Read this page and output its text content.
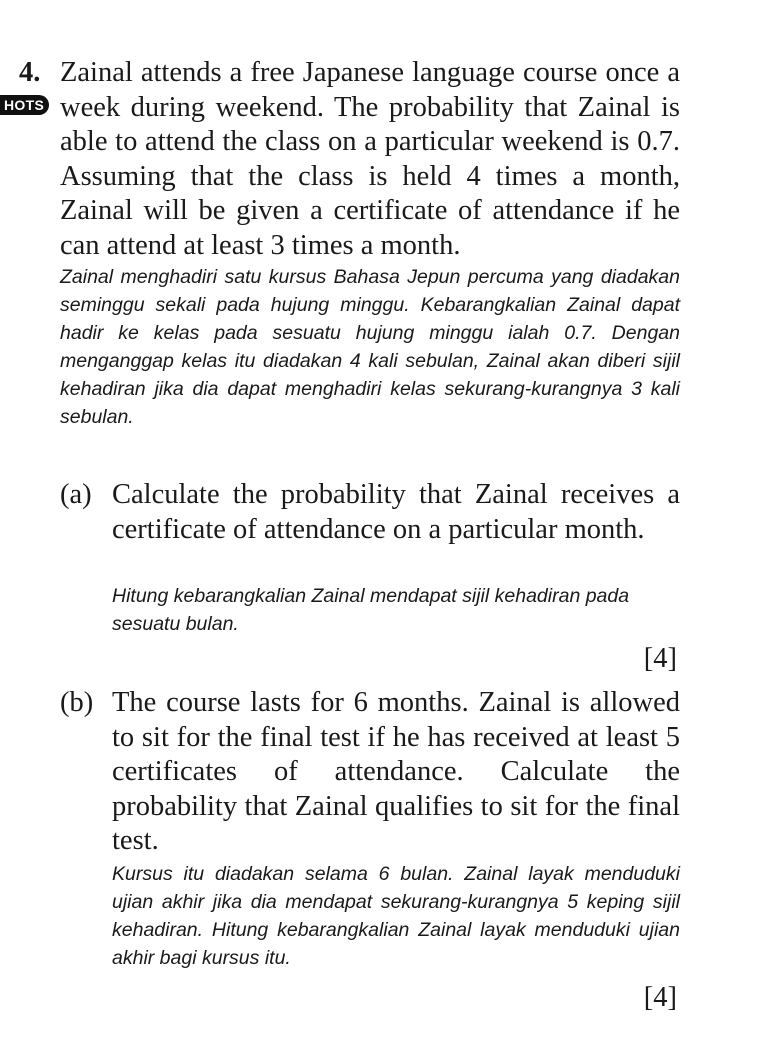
4.
HOTS

Zainal attends a free Japanese language course once a week during weekend. The probability that Zainal is able to attend the class on a particular weekend is 0.7. Assuming that the class is held 4 times a month, Zainal will be given a certificate of attendance if he can attend at least 3 times a month.

Zainal menghadiri satu kursus Bahasa Jepun percuma yang diadakan seminggu sekali pada hujung minggu. Kebarangkalian Zainal dapat hadir ke kelas pada sesuatu hujung minggu ialah 0.7. Dengan menganggap kelas itu diadakan 4 kali sebulan, Zainal akan diberi sijil kehadiran jika dia dapat menghadiri kelas sekurang-kurangnya 3 kali sebulan.

(a) Calculate the probability that Zainal receives a certificate of attendance on a particular month.

Hitung kebarangkalian Zainal mendapat sijil kehadiran pada sesuatu bulan.

[4]
(b) The course lasts for 6 months. Zainal is allowed to sit for the final test if he has received at least 5 certificates of attendance. Calculate the probability that Zainal qualifies to sit for the final test.

Kursus itu diadakan selama 6 bulan. Zainal layak menduduki ujian akhir jika dia mendapat sekurang-kurangnya 5 keping sijil kehadiran. Hitung kebarangkalian Zainal layak menduduki ujian akhir bagi kursus itu.

[4]
